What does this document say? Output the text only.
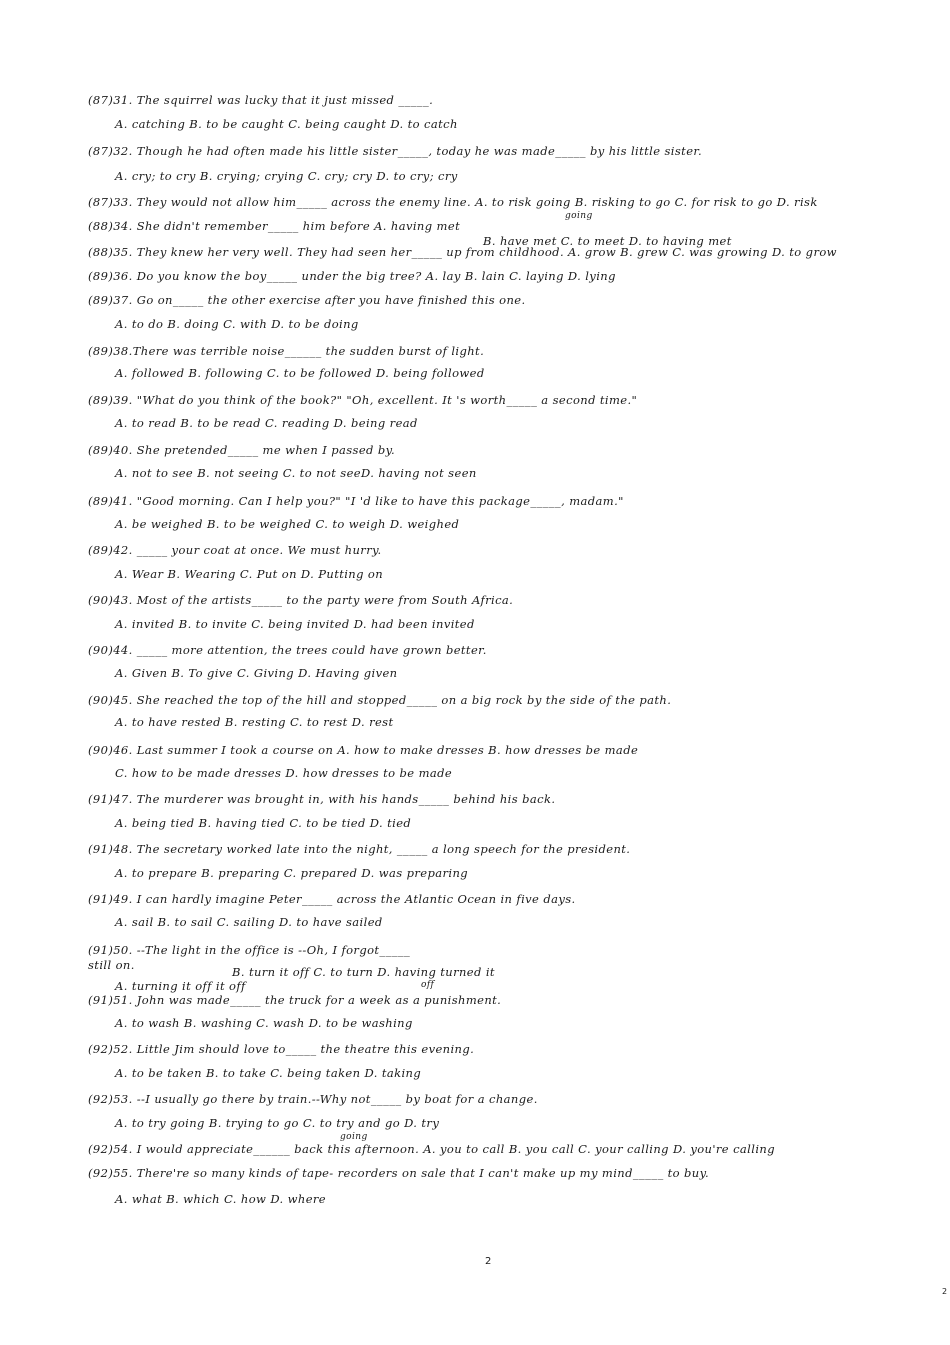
(87)31. The squirrel was lucky that it just missed _____.
A. catching B. to be caught C. being caught D. to catch
(87)32. Though he had often made his little sister_____, today he was made_____ by his little sister.
A. cry; to cry B. crying; crying C. cry; cry D. to cry; cry
(87)33. They would not allow him_____ across the enemy line. A. to risk going B. risking to go C. for risk to go D. risk
going
(88)34. She didn't remember_____ him before A. having met
B. have met C. to meet D. to having met
(88)35. They knew her very well. They had seen her_____ up from childhood. A. grow B. grew C. was growing D. to grow
(89)36. Do you know the boy_____ under the big tree? A. lay B. lain C. laying D. lying
(89)37. Go on_____ the other exercise after you have finished this one.
A. to do B. doing C. with D. to be doing
(89)38.There was terrible noise______ the sudden burst of light.
A. followed B. following C. to be followed D. being followed
(89)39. "What do you think of the book?" "Oh, excellent. It 's worth_____ a second time."
A. to read B. to be read C. reading D. being read
(89)40. She pretended_____ me when I passed by.
A. not to see B. not seeing C. to not seeD. having not seen
(89)41. "Good morning. Can I help you?" "I 'd like to have this package_____, madam."
A. be weighed B. to be weighed C. to weigh D. weighed
(89)42. _____ your coat at once. We must hurry.
A. Wear B. Wearing C. Put on D. Putting on
(90)43. Most of the artists_____ to the party were from South Africa.
A. invited B. to invite C. being invited D. had been invited
(90)44. _____ more attention, the trees could have grown better.
A. Given B. To give C. Giving D. Having given
(90)45. She reached the top of the hill and stopped_____ on a big rock by the side of the path.
A. to have rested B. resting C. to rest D. rest
(90)46. Last summer I took a course on A. how to make dresses B. how dresses be made
C. how to be made dresses D. how dresses to be made
(91)47. The murderer was brought in, with his hands_____ behind his back.
A. being tied B. having tied C. to be tied D. tied
(91)48. The secretary worked late into the night, _____ a long speech for the president.
A. to prepare B. preparing C. prepared D. was preparing
(91)49. I can hardly imagine Peter_____ across the Atlantic Ocean in five days.
A. sail B. to sail C. sailing D. to have sailed
(91)50. --The light in the office is --Oh, I forgot_____
still on.	B. turn it off C. to turn D. having turned it
A. turning it off it off	off
(91)51. John was made_____ the truck for a week as a punishment.
A. to wash B. washing C. wash D. to be washing
(92)52. Little Jim should love to_____ the theatre this evening.
A. to be taken B. to take C. being taken D. taking
(92)53. --I usually go there by train.--Why not_____ by boat for a change.
A. to try going B. trying to go C. to try and go D. try
going
(92)54. I would appreciate______ back this afternoon. A. you to call B. you call C. your calling D. you're calling
(92)55. There're so many kinds of tape- recorders on sale that I can't make up my mind_____ to buy.
A. what B. which C. how D. where
2
2
